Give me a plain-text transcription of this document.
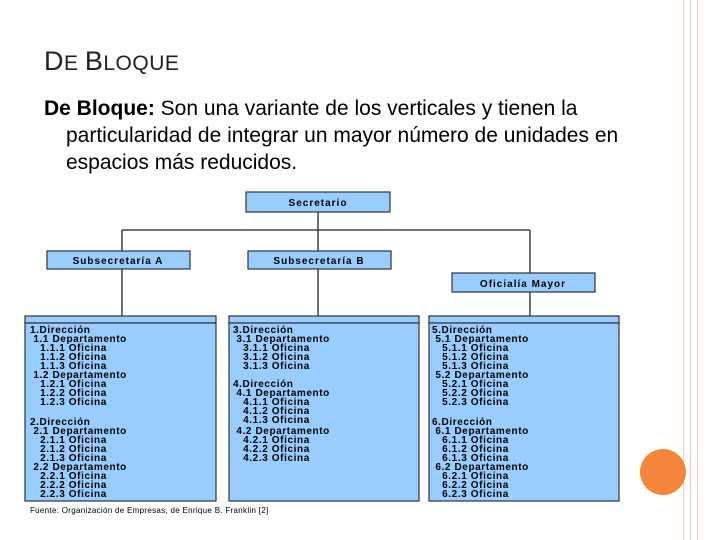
DE BLOQUE

De Bloque: Son una variante de los verticales y tienen la particularidad de integrar un mayor número de unidades en espacios más reducidos.

Secretario
Subsecretaría A	Subsecretaría B
Oficialía Mayor
1.Dirección
1.1 Departamento
1.1.1 Oficina
1.1.2 Oficina
1.1.3 Oficina
1.2 Departamento
1.2.1 Oficina
1.2.2 Oficina
1.2.3 Oficina
2.Dirección
2.1 Departamento
2.1.1 Oficina
2.1.2 Oficina
2.1.3 Oficina
2.2 Departamento
2.2.1 Oficina
2.2.2 Oficina
2.2.3 Oficina
3.Dirección
3.1 Departamento
3.1.1 Oficina
3.1.2 Oficina
3.1.3 Oficina
4.Dirección
4.1 Departamento
4.1.1 Oficina
4.1.2 Oficina
4.1.3 Oficina
4.2 Departamento
4.2.1 Oficina
4.2.2 Oficina
4.2.3 Oficina
5.Dirección
5.1 Departamento
5.1.1 Oficina
5.1.2 Oficina
5.1.3 Oficina
5.2 Departamento
5.2.1 Oficina
5.2.2 Oficina
5.2.3 Oficina
6.Dirección
6.1 Departamento
6.1.1 Oficina
6.1.2 Oficina
6.1.3 Oficina
6.2 Departamento
6.2.1 Oficina
6.2.2 Oficina
6.2.3 Oficina
Fuente: Organización de Empresas, de Enrique B. Franklin [2]
